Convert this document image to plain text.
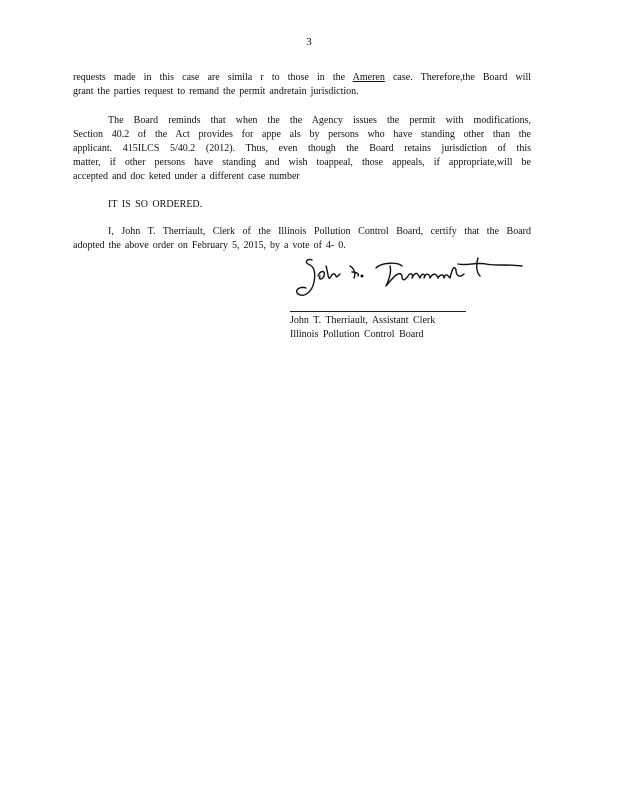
3
requests made in this case are simila r to those in the Ameren case. Therefore,the Board will
grant the parties request to remand the permit andretain jurisdiction.
The Board reminds that when the the Agency issues the permit with modifications,
Section 40.2 of the Act provides for appe als by persons who have standing other than the
applicant. 415ILCS 5/40.2 (2012). Thus, even though the Board retains jurisdiction of this
matter, if other persons have standing and wish toappeal, those appeals, if appropriate,will be
accepted and doc keted under a different case number
IT IS SO ORDERED.
I, John T. Therriault, Clerk of the Illinois Pollution Control Board, certify that the Board
adopted the above order on February 5, 2015, by a vote of 4- 0.
John T. Therriault, Assistant Clerk
Illinois Pollution Control Board
